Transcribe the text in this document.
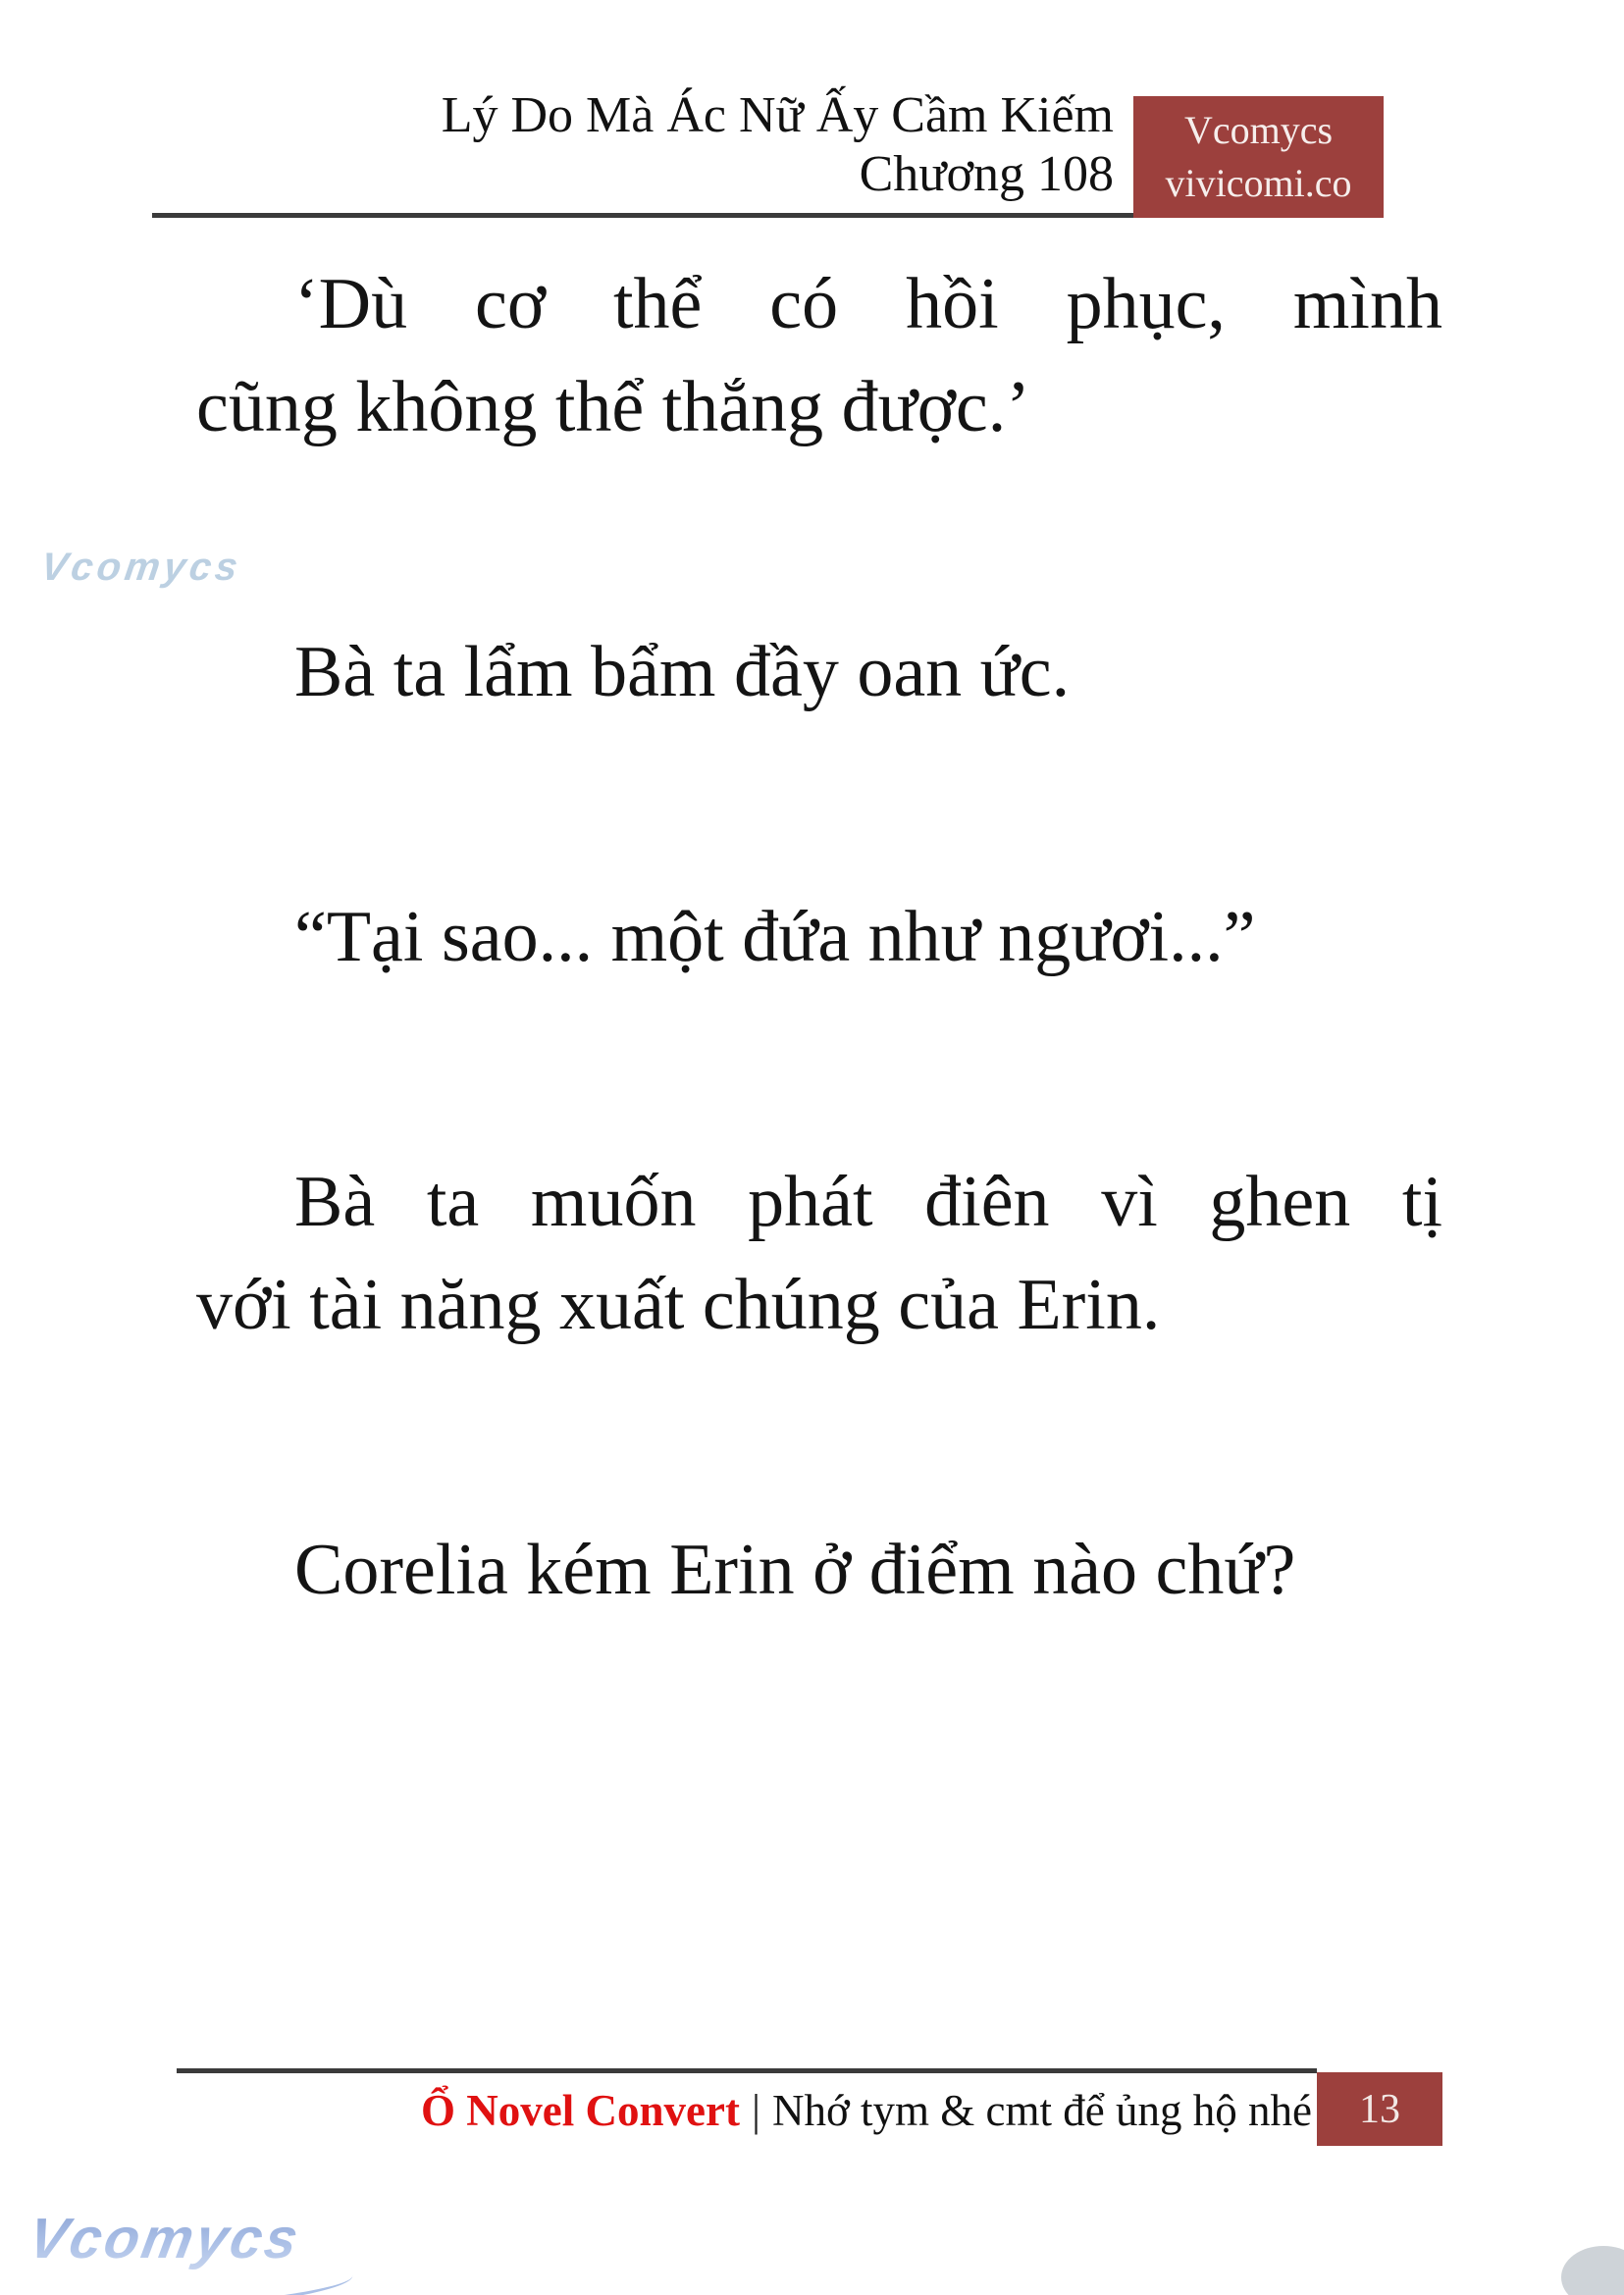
Lý Do Mà Ác Nữ Ấy Cầm Kiếm
Chương 108
Vcomycs
vivicomi.co

‘Dù cơ thể có hồi phục, mình
cũng không thể thắng được.’

Bà ta lẩm bẩm đầy oan ức.

“Tại sao... một đứa như ngươi...”

Bà ta muốn phát điên vì ghen tị
với tài năng xuất chúng của Erin.

Corelia kém Erin ở điểm nào chứ?

Vcomycs
Ổ Novel Convert | Nhớ tym & cmt để ủng hộ nhé 13
Vcomycs
